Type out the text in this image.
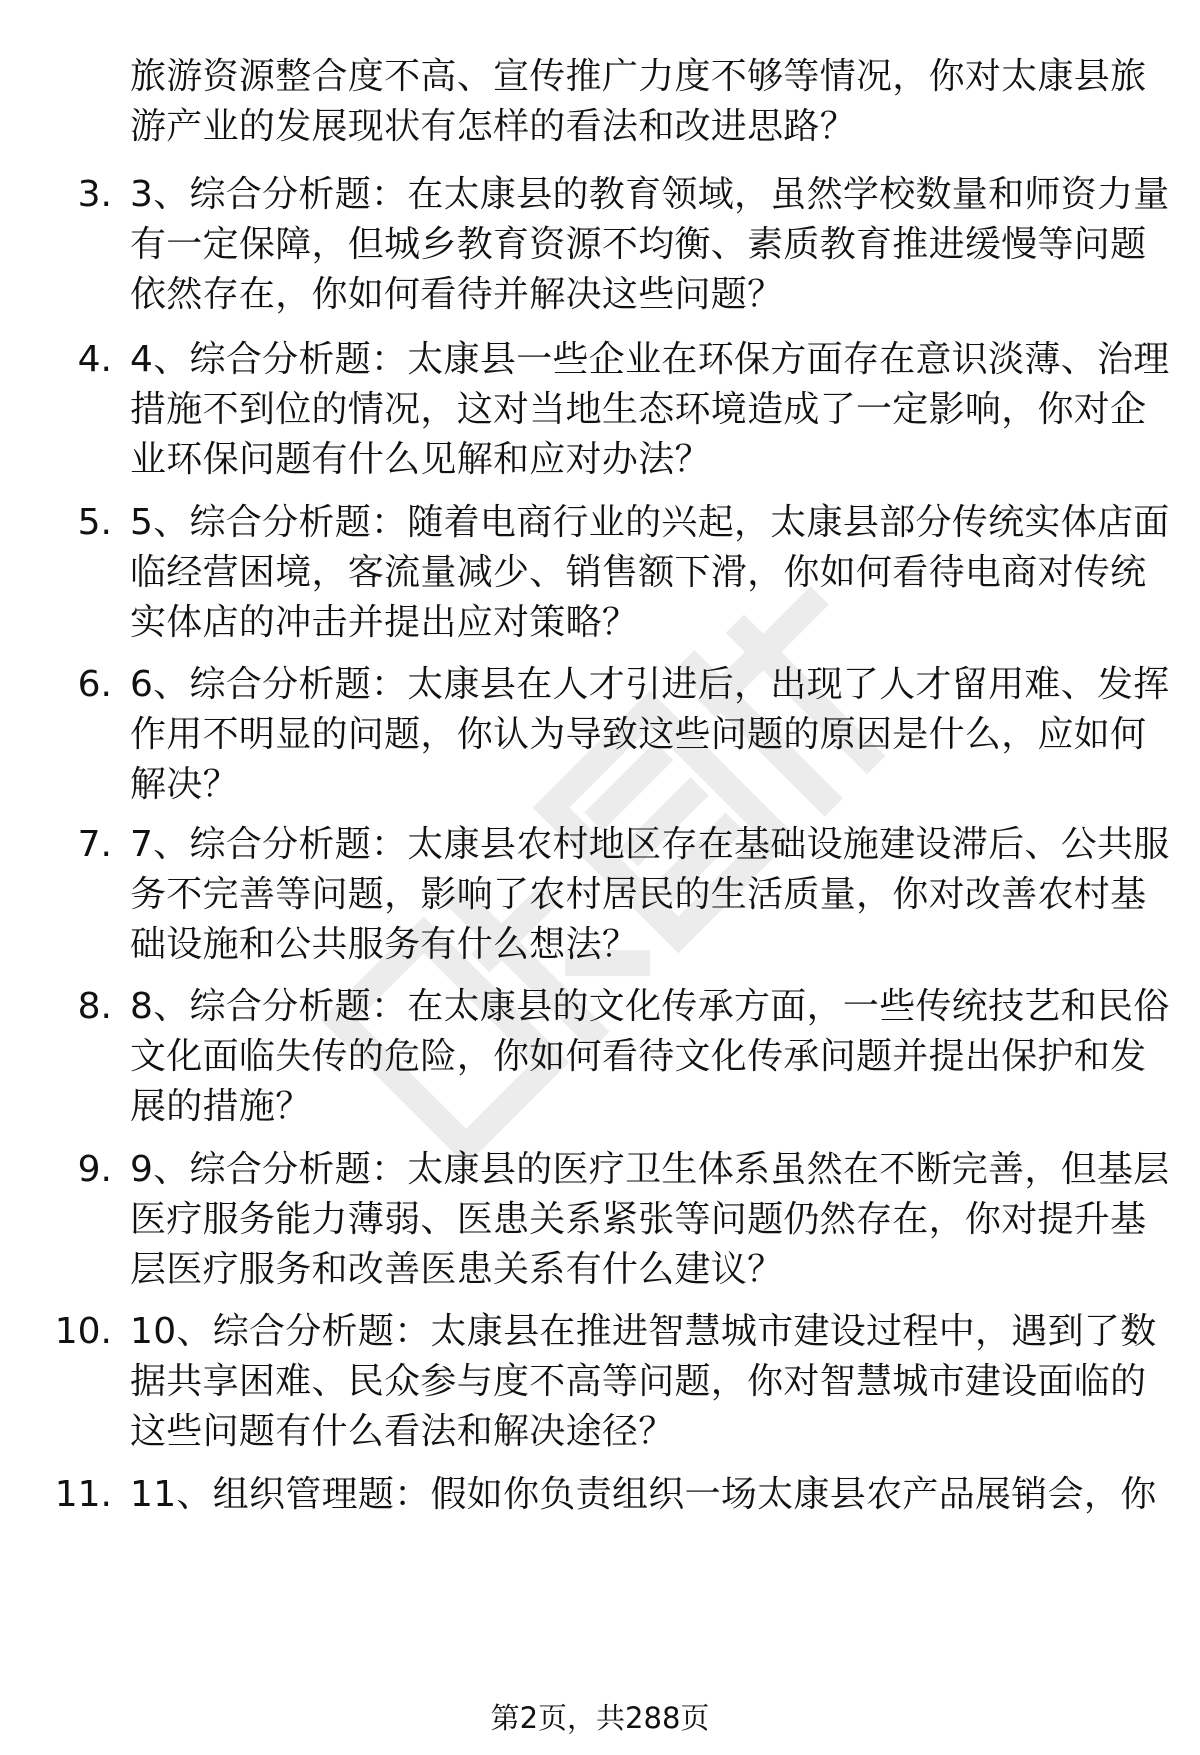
旅游资源整合度不高、宣传推广力度不够等情况，你对太康县旅游产业的发展现状有怎样的看法和改进思路？
3. 3、综合分析题：在太康县的教育领域，虽然学校数量和师资力量有一定保障，但城乡教育资源不均衡、素质教育推进缓慢等问题依然存在，你如何看待并解决这些问题？
4. 4、综合分析题：太康县一些企业在环保方面存在意识淡薄、治理措施不到位的情况，这对当地生态环境造成了一定影响，你对企业环保问题有什么见解和应对办法？
5. 5、综合分析题：随着电商行业的兴起，太康县部分传统实体店面临经营困境，客流量减少、销售额下滑，你如何看待电商对传统实体店的冲击并提出应对策略？
6. 6、综合分析题：太康县在人才引进后，出现了人才留用难、发挥作用不明显的问题，你认为导致这些问题的原因是什么，应如何解决？
7. 7、综合分析题：太康县农村地区存在基础设施建设滞后、公共服务不完善等问题，影响了农村居民的生活质量，你对改善农村基础设施和公共服务有什么想法？
8. 8、综合分析题：在太康县的文化传承方面，一些传统技艺和民俗文化面临失传的危险，你如何看待文化传承问题并提出保护和发展的措施？
9. 9、综合分析题：太康县的医疗卫生体系虽然在不断完善，但基层医疗服务能力薄弱、医患关系紧张等问题仍然存在，你对提升基层医疗服务和改善医患关系有什么建议？
10. 10、综合分析题：太康县在推进智慧城市建设过程中，遇到了数据共享困难、民众参与度不高等问题，你对智慧城市建设面临的这些问题有什么看法和解决途径？
11. 11、组织管理题：假如你负责组织一场太康县农产品展销会，你
第2页，共288页
